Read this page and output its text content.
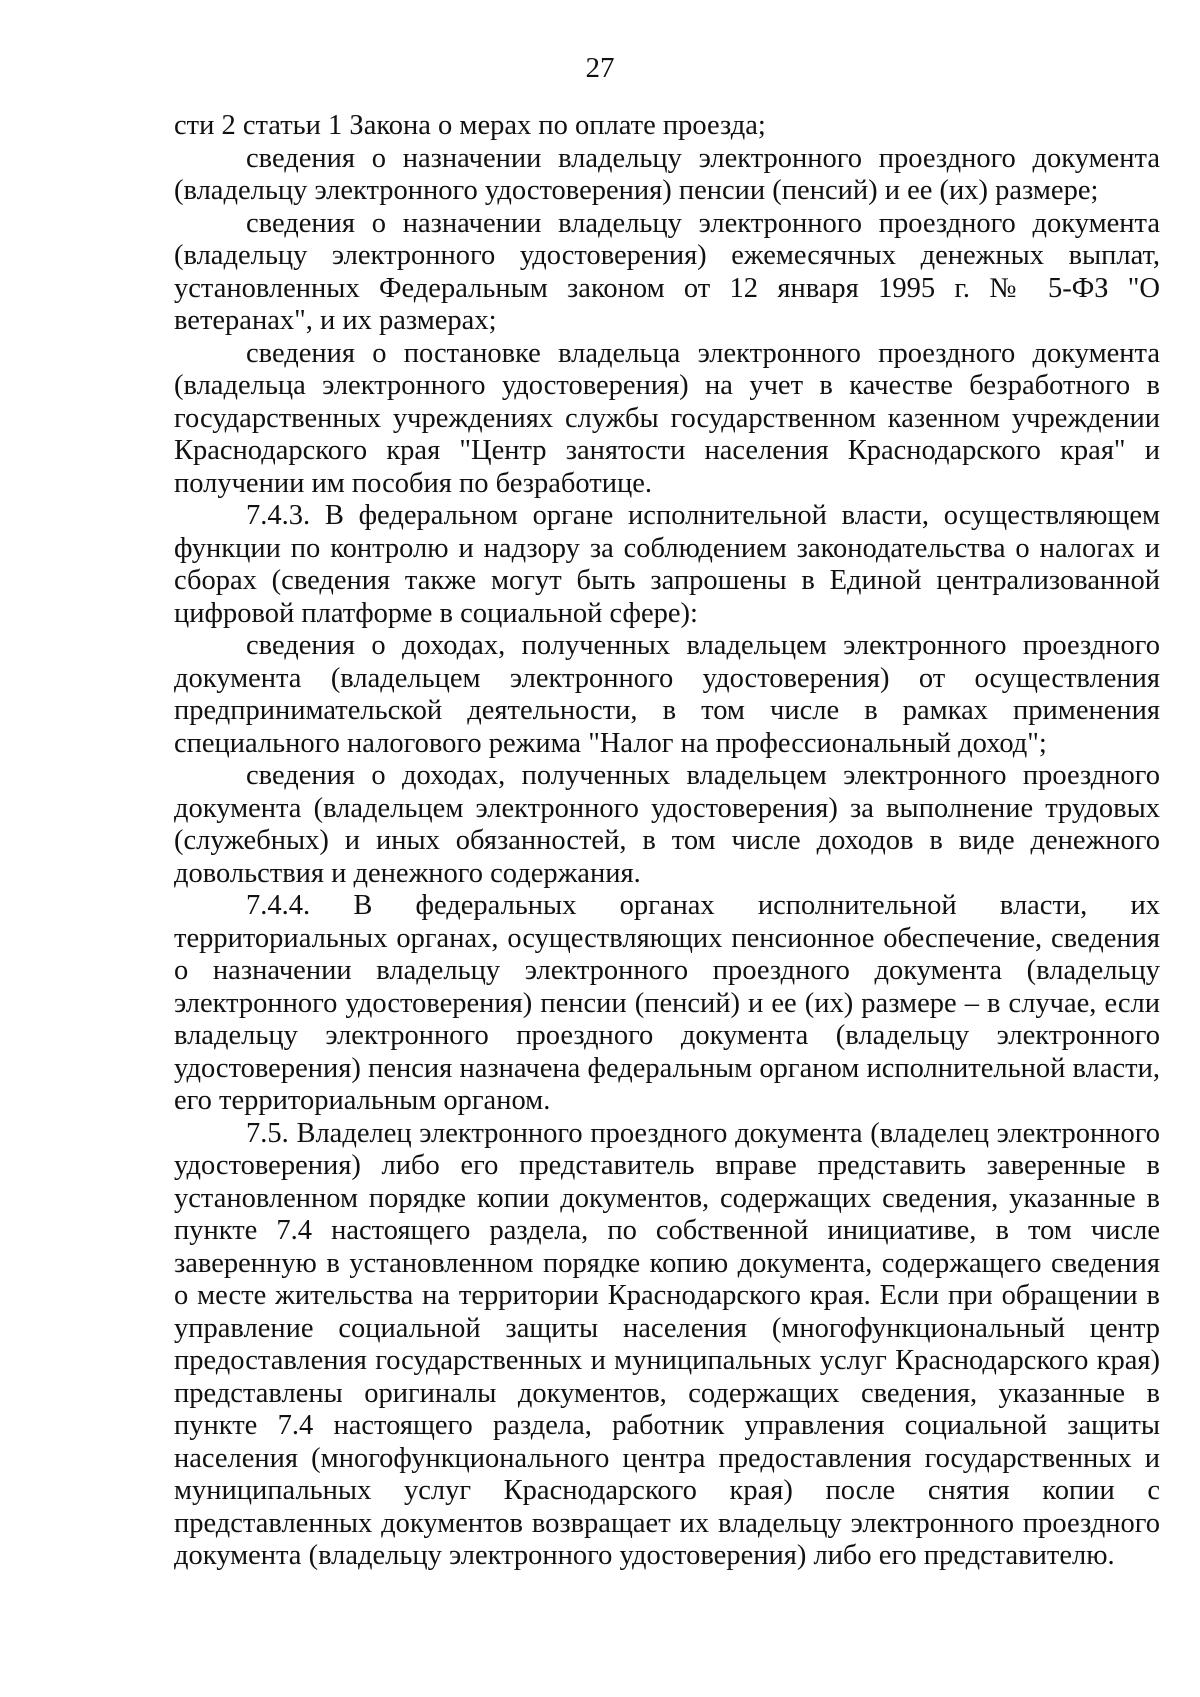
27

сти 2 статьи 1 Закона о мерах по оплате проезда;

сведения о назначении владельцу электронного проездного документа (владельцу электронного удостоверения) пенсии (пенсий) и ее (их) размере;

сведения о назначении владельцу электронного проездного документа (владельцу электронного удостоверения) ежемесячных денежных выплат, установленных Федеральным законом от 12 января 1995 г. № 5-ФЗ "О ветеранах", и их размерах;

сведения о постановке владельца электронного проездного документа (владельца электронного удостоверения) на учет в качестве безработного в государственных учреждениях службы государственном казенном учреждении Краснодарского края "Центр занятости населения Краснодарского края" и получении им пособия по безработице.

7.4.3. В федеральном органе исполнительной власти, осуществляющем функции по контролю и надзору за соблюдением законодательства о налогах и сборах (сведения также могут быть запрошены в Единой централизованной цифровой платформе в социальной сфере):

сведения о доходах, полученных владельцем электронного проездного документа (владельцем электронного удостоверения) от осуществления предпринимательской деятельности, в том числе в рамках применения специального налогового режима "Налог на профессиональный доход";

сведения о доходах, полученных владельцем электронного проездного документа (владельцем электронного удостоверения) за выполнение трудовых (служебных) и иных обязанностей, в том числе доходов в виде денежного довольствия и денежного содержания.

7.4.4. В федеральных органах исполнительной власти, их территориальных органах, осуществляющих пенсионное обеспечение, сведения о назначении владельцу электронного проездного документа (владельцу электронного удостоверения) пенсии (пенсий) и ее (их) размере – в случае, если владельцу электронного проездного документа (владельцу электронного удостоверения) пенсия назначена федеральным органом исполнительной власти, его территориальным органом.

7.5. Владелец электронного проездного документа (владелец электронного удостоверения) либо его представитель вправе представить заверенные в установленном порядке копии документов, содержащих сведения, указанные в пункте 7.4 настоящего раздела, по собственной инициативе, в том числе заверенную в установленном порядке копию документа, содержащего сведения о месте жительства на территории Краснодарского края. Если при обращении в управление социальной защиты населения (многофункциональный центр предоставления государственных и муниципальных услуг Краснодарского края) представлены оригиналы документов, содержащих сведения, указанные в пункте 7.4 настоящего раздела, работник управления социальной защиты населения (многофункционального центра предоставления государственных и муниципальных услуг Краснодарского края) после снятия копии с представленных документов возвращает их владельцу электронного проездного документа (владельцу электронного удостоверения) либо его представителю.
